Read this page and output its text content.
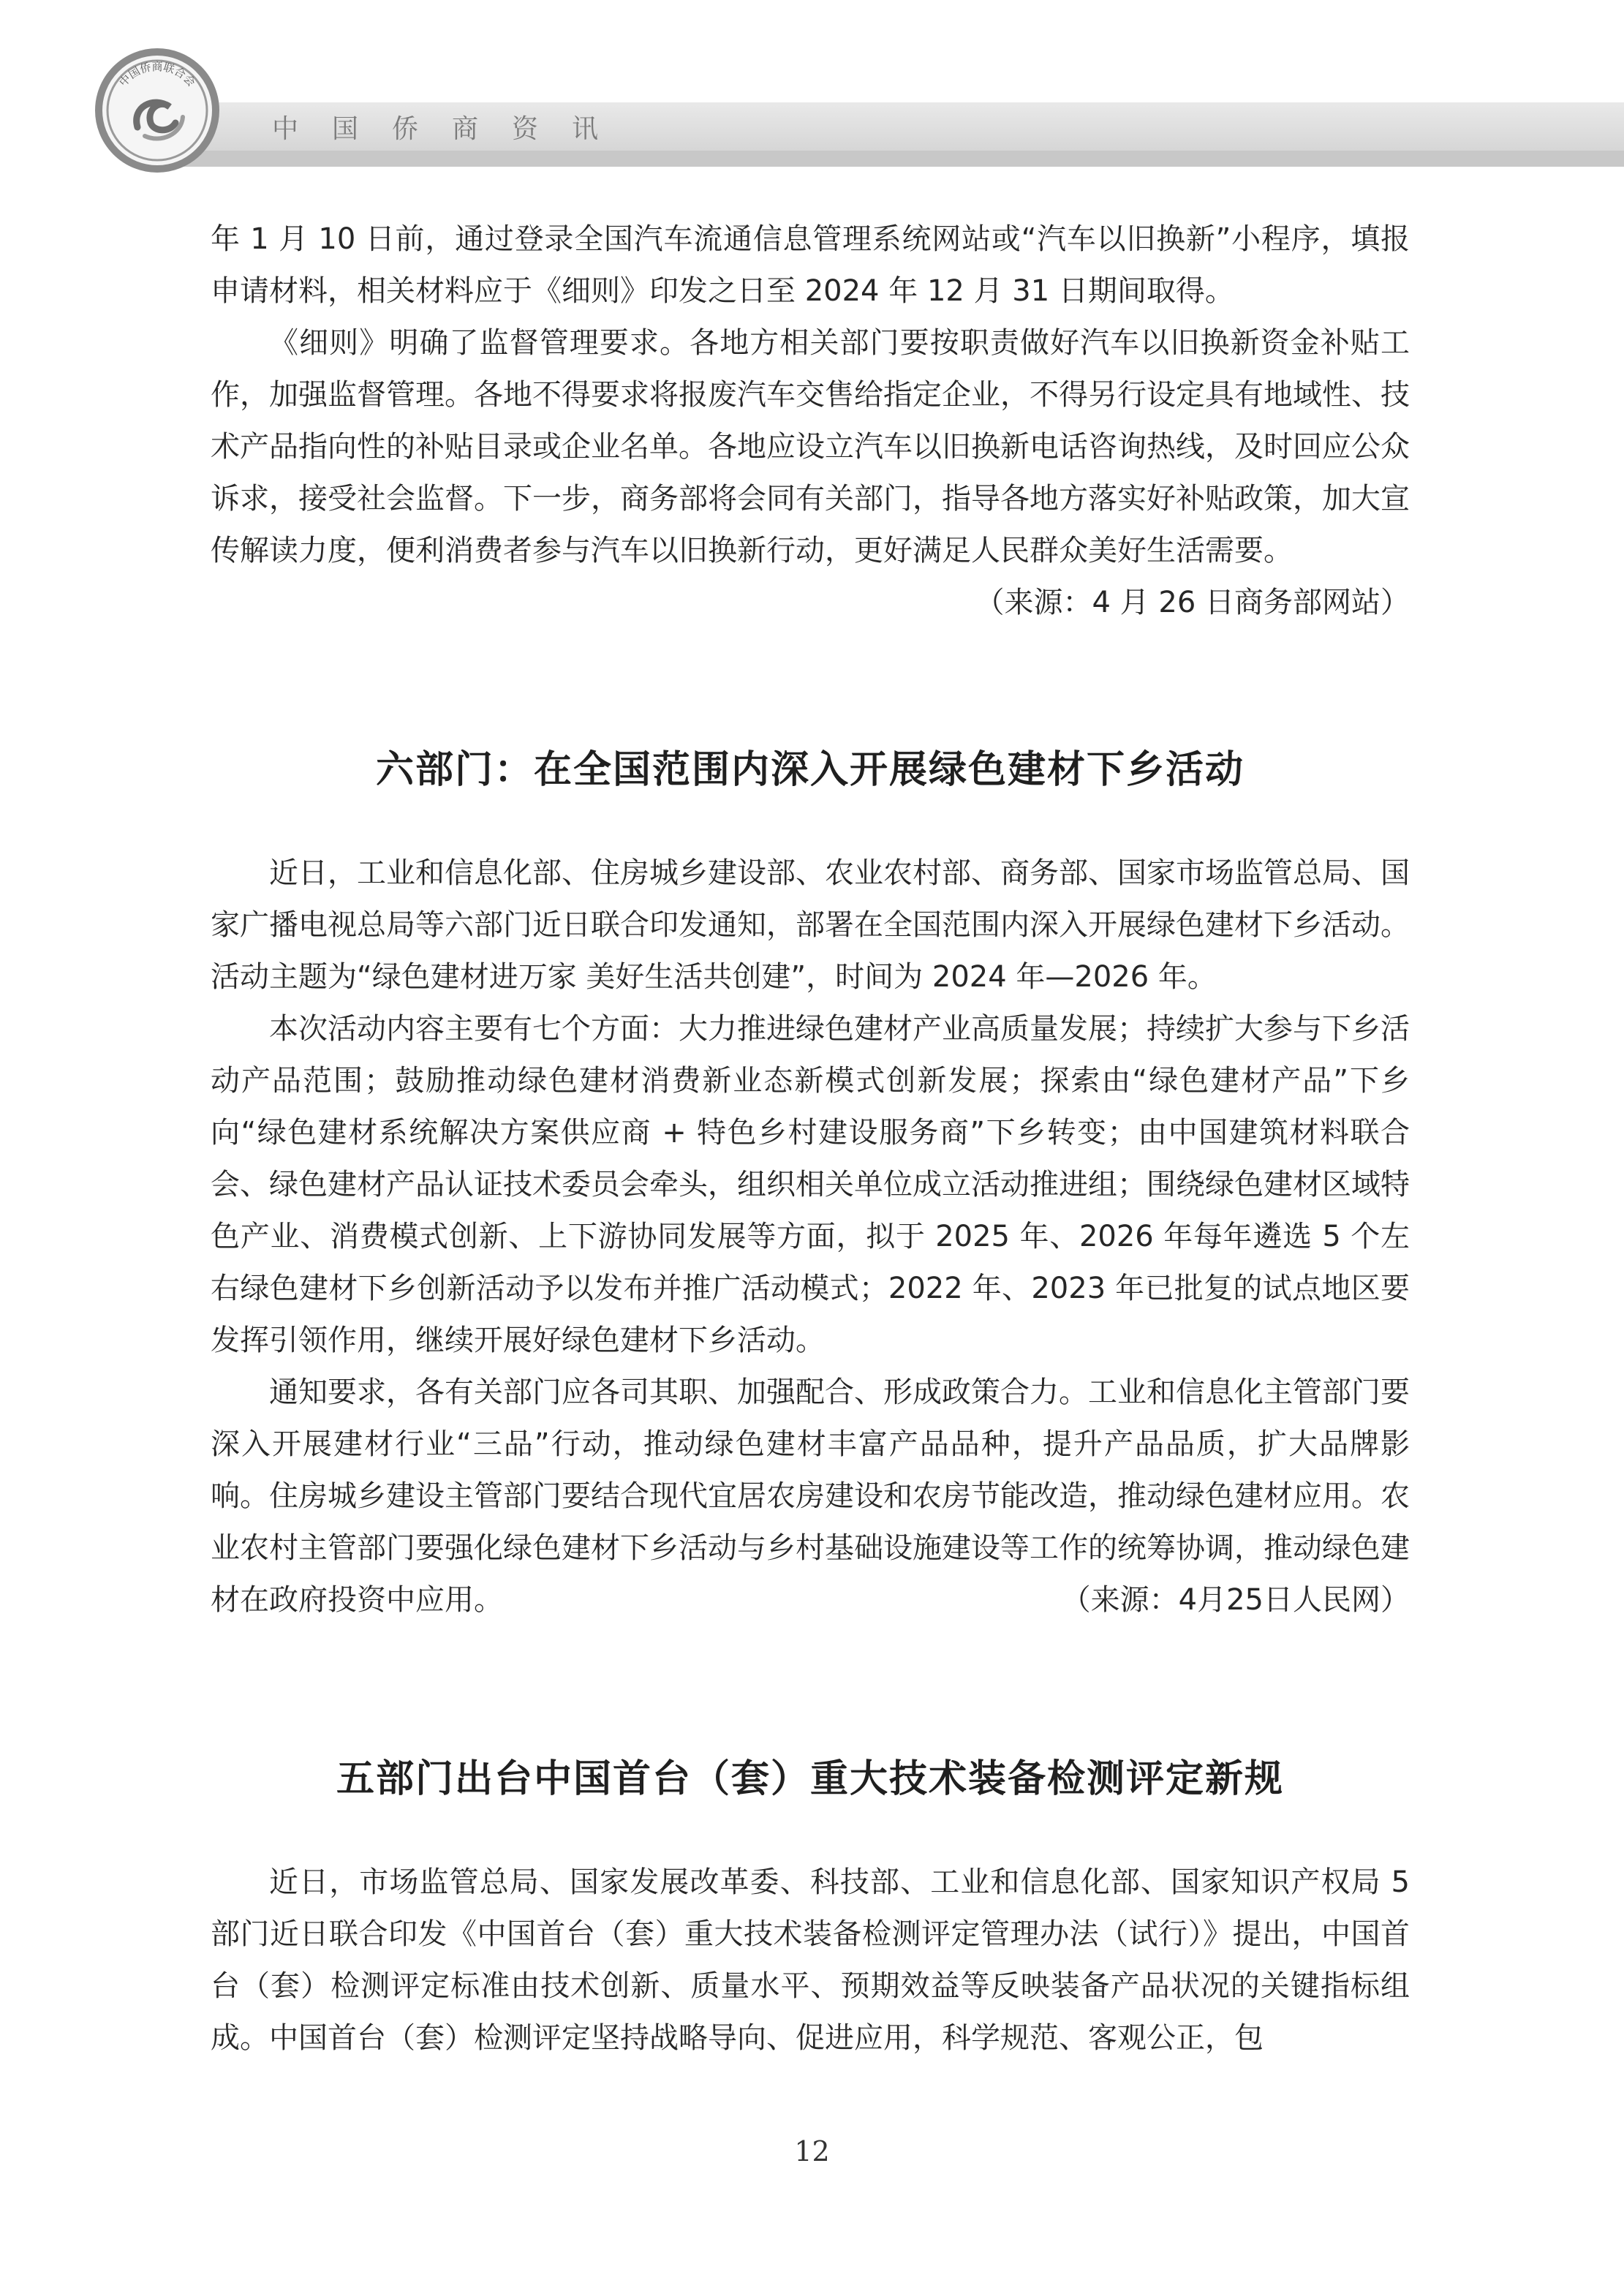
中国侨商联合会
中国侨商资讯

年 1 月 10 日前，通过登录全国汽车流通信息管理系统网站或“汽车以旧换新”小程序，填报申请材料，相关材料应于《细则》印发之日至 2024 年 12 月 31 日期间取得。

《细则》明确了监督管理要求。各地方相关部门要按职责做好汽车以旧换新资金补贴工作，加强监督管理。各地不得要求将报废汽车交售给指定企业，不得另行设定具有地域性、技术产品指向性的补贴目录或企业名单。各地应设立汽车以旧换新电话咨询热线，及时回应公众诉求，接受社会监督。下一步，商务部将会同有关部门，指导各地方落实好补贴政策，加大宣传解读力度，便利消费者参与汽车以旧换新行动，更好满足人民群众美好生活需要。

（来源：4 月 26 日商务部网站）

六部门：在全国范围内深入开展绿色建材下乡活动

近日，工业和信息化部、住房城乡建设部、农业农村部、商务部、国家市场监管总局、国家广播电视总局等六部门近日联合印发通知，部署在全国范围内深入开展绿色建材下乡活动。活动主题为“绿色建材进万家 美好生活共创建”，时间为 2024 年—2026 年。

本次活动内容主要有七个方面：大力推进绿色建材产业高质量发展；持续扩大参与下乡活动产品范围；鼓励推动绿色建材消费新业态新模式创新发展；探索由“绿色建材产品”下乡向“绿色建材系统解决方案供应商 + 特色乡村建设服务商”下乡转变；由中国建筑材料联合会、绿色建材产品认证技术委员会牵头，组织相关单位成立活动推进组；围绕绿色建材区域特色产业、消费模式创新、上下游协同发展等方面，拟于 2025 年、2026 年每年遴选 5 个左右绿色建材下乡创新活动予以发布并推广活动模式；2022 年、2023 年已批复的试点地区要发挥引领作用，继续开展好绿色建材下乡活动。

通知要求，各有关部门应各司其职、加强配合、形成政策合力。工业和信息化主管部门要深入开展建材行业“三品”行动，推动绿色建材丰富产品品种，提升产品品质，扩大品牌影响。住房城乡建设主管部门要结合现代宜居农房建设和农房节能改造，推动绿色建材应用。农业农村主管部门要强化绿色建材下乡活动与乡村基础设施建设等工作的统筹协调，推动绿色建材在政府投资中应用。	（来源：4月25日人民网）

五部门出台中国首台（套）重大技术装备检测评定新规

近日，市场监管总局、国家发展改革委、科技部、工业和信息化部、国家知识产权局 5 部门近日联合印发《中国首台（套）重大技术装备检测评定管理办法（试行）》提出，中国首台（套）检测评定标准由技术创新、质量水平、预期效益等反映装备产品状况的关键指标组成。中国首台（套）检测评定坚持战略导向、促进应用，科学规范、客观公正，包

12
